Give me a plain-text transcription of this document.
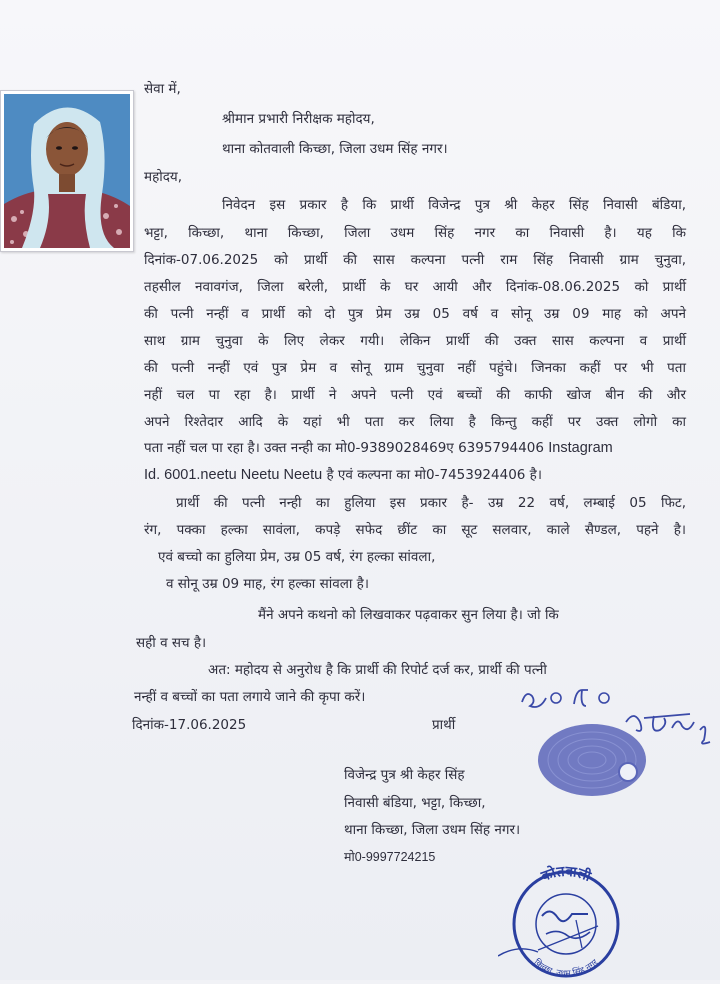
सेवा में,
श्रीमान प्रभारी निरीक्षक महोदय,
थाना कोतवाली किच्छा, जिला उधम सिंह नगर।
महोदय,
निवेदन इस प्रकार है कि प्रार्थी विजेन्द्र पुत्र श्री केहर सिंह निवासी बंडिया,
भट्टा, किच्छा, थाना किच्छा, जिला उधम सिंह नगर का निवासी है। यह कि
दिनांक-07.06.2025 को प्रार्थी की सास कल्पना पत्नी राम सिंह निवासी ग्राम चुनुवा,
तहसील नवावगंज, जिला बरेली, प्रार्थी के घर आयी और दिनांक-08.06.2025 को प्रार्थी
की पत्नी नन्हीं व प्रार्थी को दो पुत्र प्रेम उम्र 05 वर्ष व सोनू उम्र 09 माह को अपने
साथ ग्राम चुनुवा के लिए लेकर गयी। लेकिन प्रार्थी की उक्त सास कल्पना व प्रार्थी
की पत्नी नन्हीं एवं पुत्र प्रेम व सोनू ग्राम चुनुवा नहीं पहुंचे। जिनका कहीं पर भी पता
नहीं चल पा रहा है। प्रार्थी ने अपने पत्नी एवं बच्चों की काफी खोज बीन की और
अपने रिश्तेदार आदि के यहां भी पता कर लिया है किन्तु कहीं पर उक्त लोगो का
पता नहीं चल पा रहा है। उक्त नन्ही का मो0-9389028469ए 6395794406 Instagram
Id. 6001.neetu Neetu Neetu है एवं कल्पना का मो0-7453924406 है।
प्रार्थी की पत्नी नन्ही का हुलिया इस प्रकार है- उम्र 22 वर्ष, लम्बाई 05 फिट,
रंग, पक्का हल्का सावंला, कपड़े सफेद छींट का सूट सलवार, काले सैण्डल, पहने है।
एवं बच्चो का हुलिया प्रेम, उम्र 05 वर्ष, रंग हल्का सांवला,
व सोनू उम्र 09 माह, रंग हल्का सांवला है।
मैंने अपने कथनो को लिखवाकर पढ़वाकर सुन लिया है। जो कि
सही व सच है।
अत: महोदय से अनुरोध है कि प्रार्थी की रिपोर्ट दर्ज कर, प्रार्थी की पत्नी
नन्हीं व बच्चों का पता लगाये जाने की कृपा करें।
दिनांक-17.06.2025	प्रार्थी
विजेन्द्र पुत्र श्री केहर सिंह
निवासी बंडिया, भट्टा, किच्छा,
थाना किच्छा, जिला उधम सिंह नगर।
मो0-9997724215
कोतवाली
किच्छा, उधम सिंह नगर
